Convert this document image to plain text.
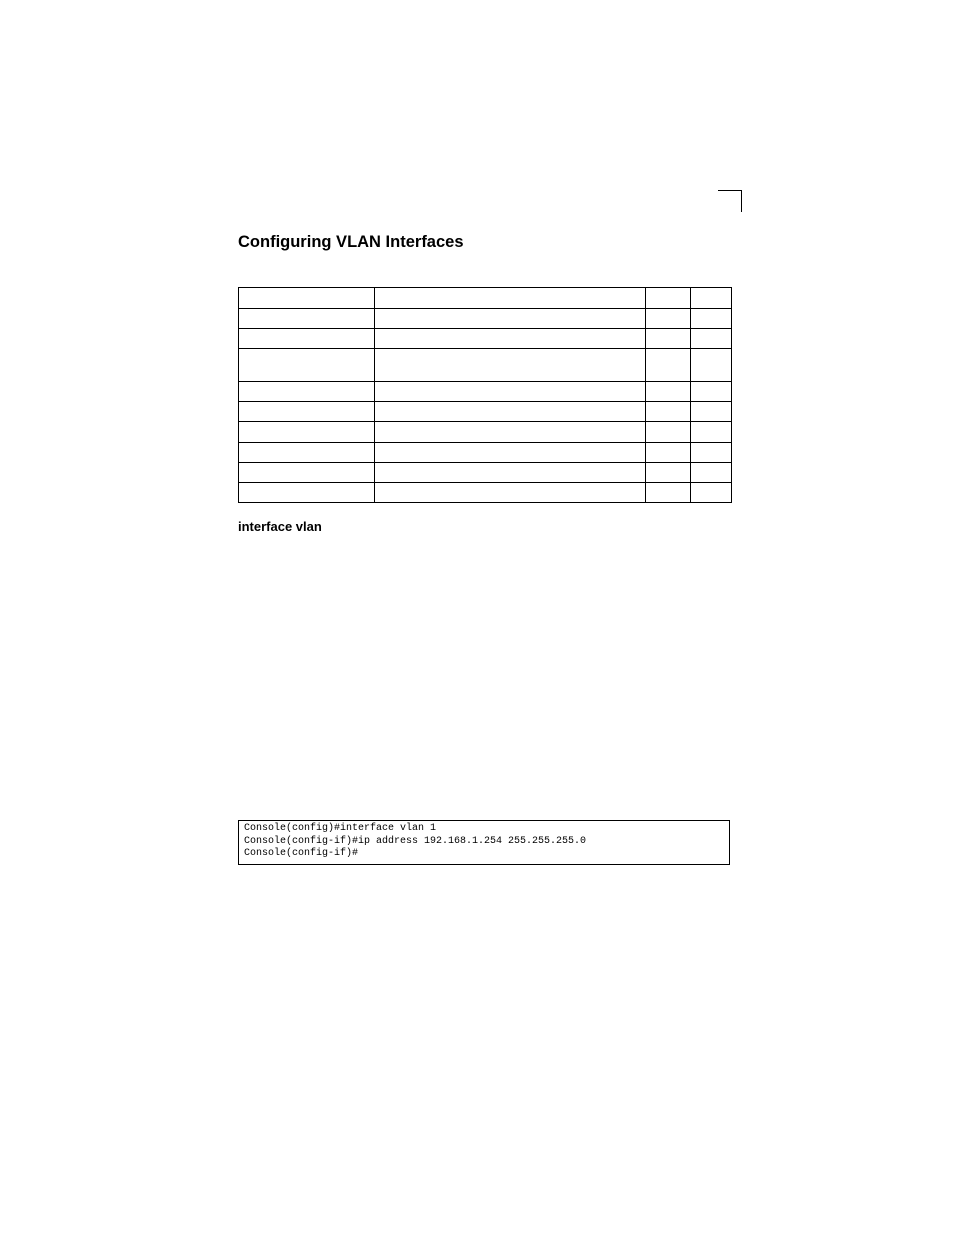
Configuring VLAN Interfaces

interface vlan
Console(config)#interface vlan 1
Console(config-if)#ip address 192.168.1.254 255.255.255.0
Console(config-if)#
